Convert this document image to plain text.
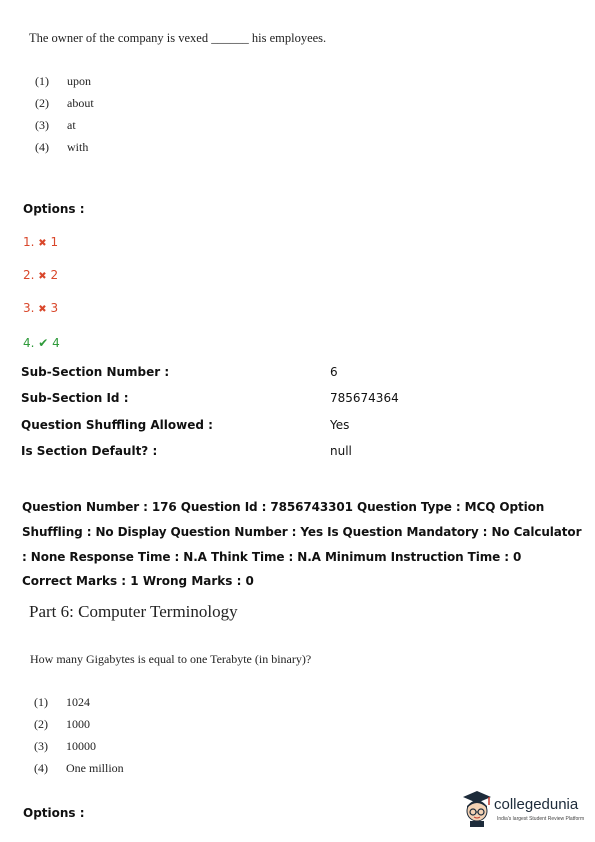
The owner of the company is vexed ______ his employees.
(1) upon
(2) about
(3) at
(4) with
Options :
1. ✖ 1
2. ✖ 2
3. ✖ 3
4. ✔ 4
Sub-Section Number :	6
Sub-Section Id :	785674364
Question Shuffling Allowed :	Yes
Is Section Default? :	null
Question Number : 176 Question Id : 7856743301 Question Type : MCQ Option Shuffling : No Display Question Number : Yes Is Question Mandatory : No Calculator : None Response Time : N.A Think Time : N.A Minimum Instruction Time : 0
Correct Marks : 1 Wrong Marks : 0
Part 6: Computer Terminology
How many Gigabytes is equal to one Terabyte (in binary)?
(1) 1024
(2) 1000
(3) 10000
(4) One million
Options :	collegedunia
India's largest Student Review Platform
